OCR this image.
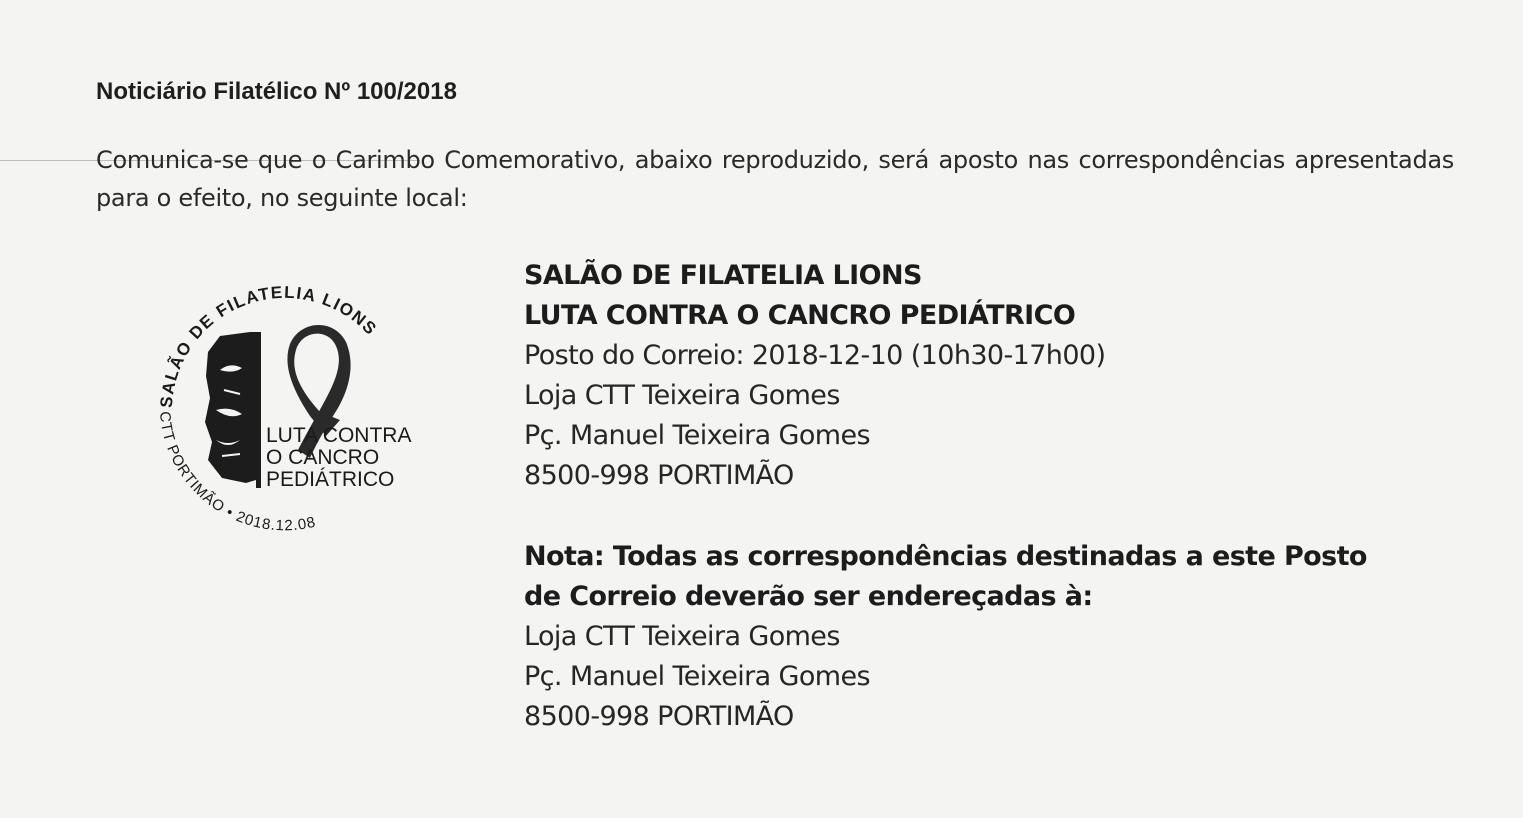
Noticiário Filatélico Nº 100/2018

Comunica-se que o Carimbo Comemorativo, abaixo reproduzido, será aposto nas correspondências apresentadas para o efeito, no seguinte local:

SALÃO DE FILATELIA LIONS
CTT PORTIMÃO • 2018.12.08
LUTA CONTRA
O CANCRO
PEDIÁTRICO
SALÃO DE FILATELIA LIONS
LUTA CONTRA O CANCRO PEDIÁTRICO
Posto do Correio: 2018-12-10 (10h30-17h00)
Loja CTT Teixeira Gomes
Pç. Manuel Teixeira Gomes
8500-998 PORTIMÃO
Nota: Todas as correspondências destinadas a este Posto
de Correio deverão ser endereçadas à:
Loja CTT Teixeira Gomes
Pç. Manuel Teixeira Gomes
8500-998 PORTIMÃO
